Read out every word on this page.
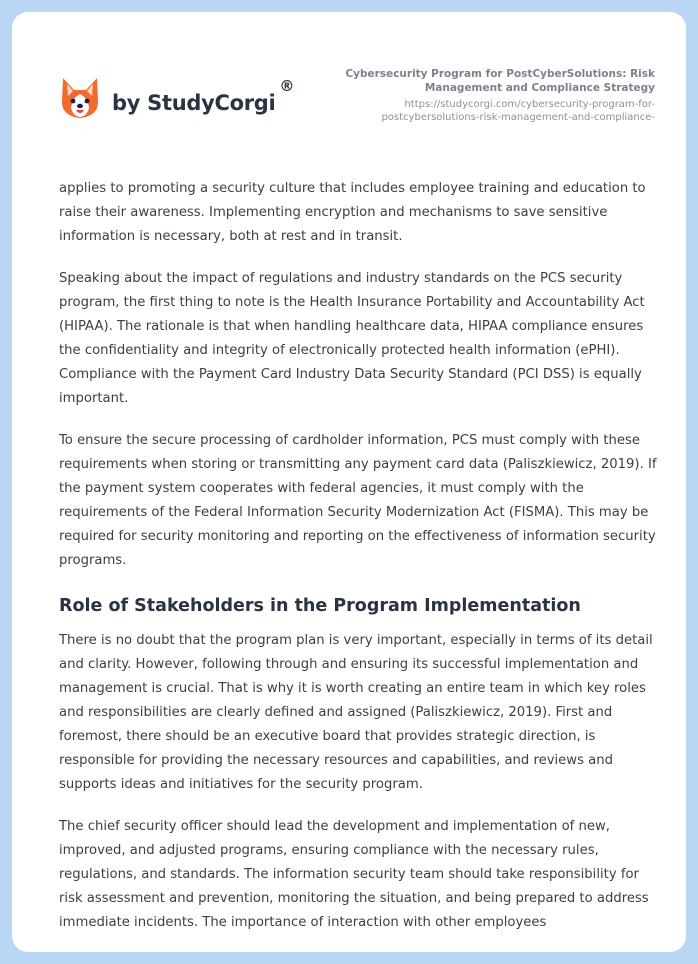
by StudyCorgi
®
Cybersecurity Program for PostCyberSolutions: Risk Management and Compliance Strategy
https://studycorgi.com/cybersecurity-program-for-postcybersolutions-risk-management-and-compliance-

applies to promoting a security culture that includes employee training and education to raise their awareness. Implementing encryption and mechanisms to save sensitive information is necessary, both at rest and in transit.

Speaking about the impact of regulations and industry standards on the PCS security program, the first thing to note is the Health Insurance Portability and Accountability Act (HIPAA). The rationale is that when handling healthcare data, HIPAA compliance ensures the confidentiality and integrity of electronically protected health information (ePHI). Compliance with the Payment Card Industry Data Security Standard (PCI DSS) is equally important.

To ensure the secure processing of cardholder information, PCS must comply with these requirements when storing or transmitting any payment card data (Paliszkiewicz, 2019). If the payment system cooperates with federal agencies, it must comply with the requirements of the Federal Information Security Modernization Act (FISMA). This may be required for security monitoring and reporting on the effectiveness of information security programs.

Role of Stakeholders in the Program Implementation

There is no doubt that the program plan is very important, especially in terms of its detail and clarity. However, following through and ensuring its successful implementation and management is crucial. That is why it is worth creating an entire team in which key roles and responsibilities are clearly defined and assigned (Paliszkiewicz, 2019). First and foremost, there should be an executive board that provides strategic direction, is responsible for providing the necessary resources and capabilities, and reviews and supports ideas and initiatives for the security program.

The chief security officer should lead the development and implementation of new, improved, and adjusted programs, ensuring compliance with the necessary rules, regulations, and standards. The information security team should take responsibility for risk assessment and prevention, monitoring the situation, and being prepared to address immediate incidents. The importance of interaction with other employees
